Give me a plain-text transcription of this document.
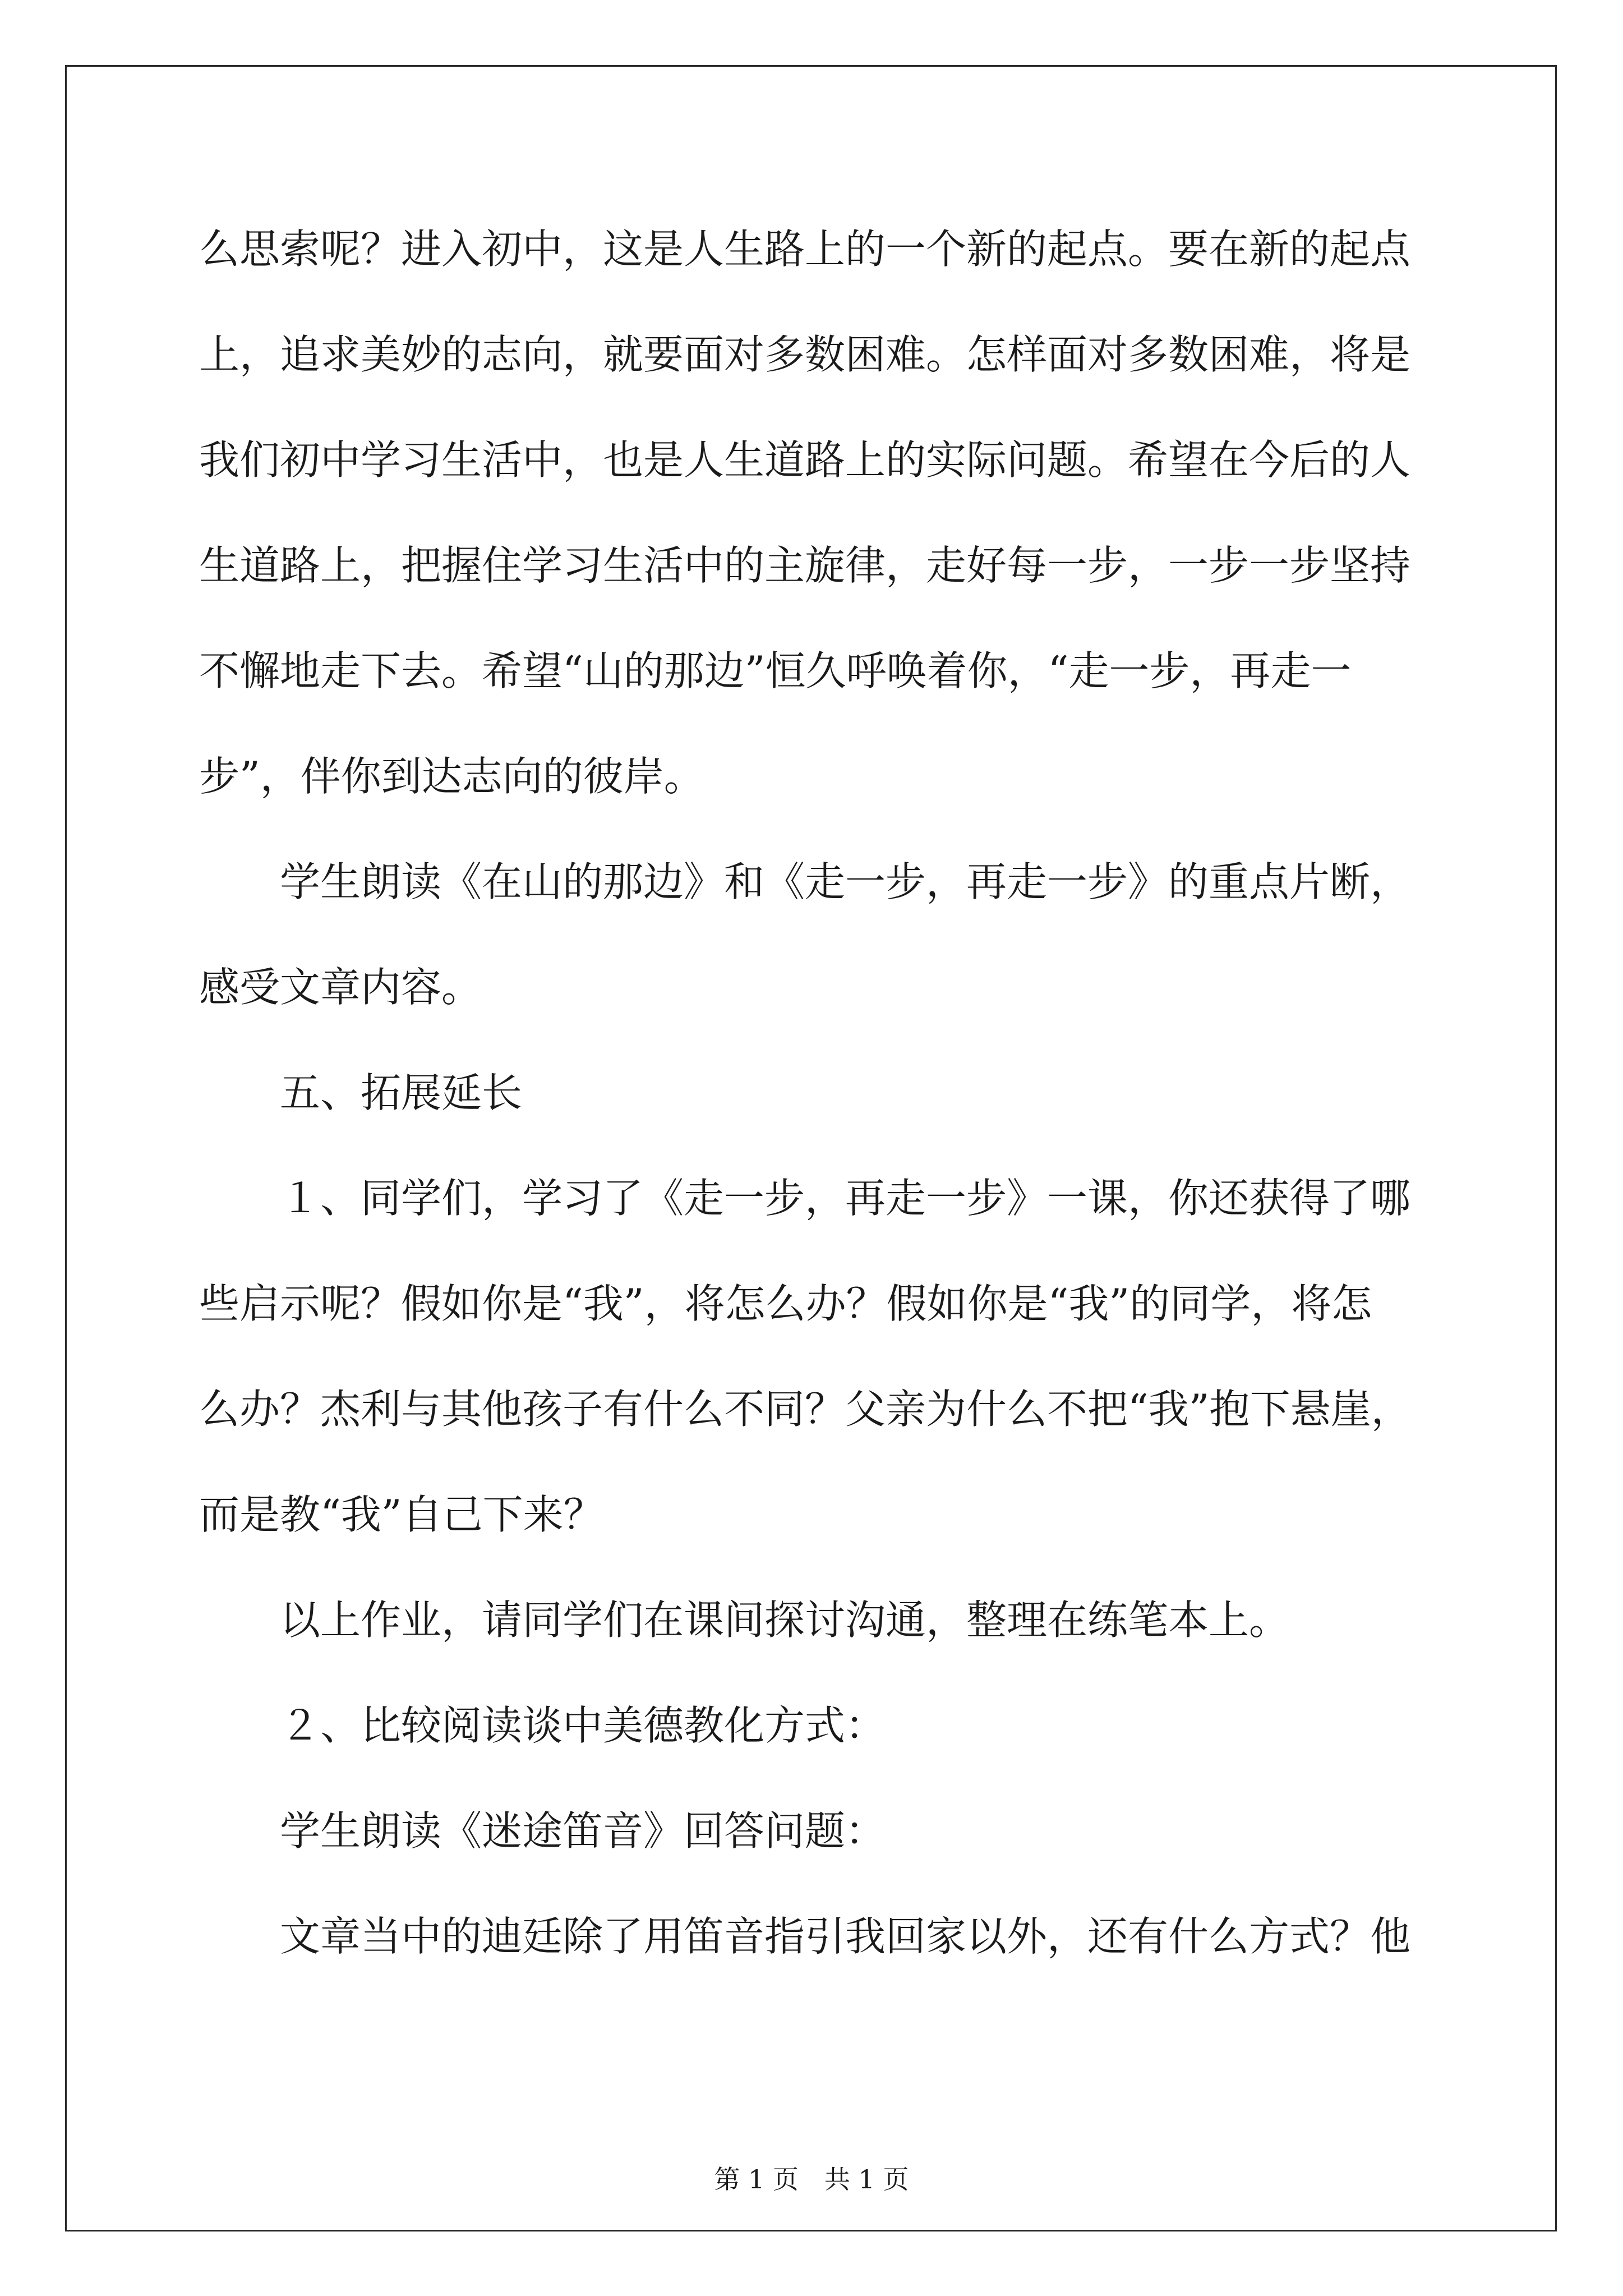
么思索呢？进入初中，这是人生路上的一个新的起点。要在新的起点

上，追求美妙的志向，就要面对多数困难。怎样面对多数困难，将是

我们初中学习生活中，也是人生道路上的实际问题。希望在今后的人

生道路上，把握住学习生活中的主旋律，走好每一步，一步一步坚持

不懈地走下去。希望“山的那边”恒久呼唤着你，“走一步，再走一

步”，伴你到达志向的彼岸。

　　学生朗读《在山的那边》和《走一步，再走一步》的重点片断，

感受文章内容。

　　五、拓展延长

　　１、同学们，学习了《走一步，再走一步》一课，你还获得了哪

些启示呢？假如你是“我”，将怎么办？假如你是“我”的同学，将怎

么办？杰利与其他孩子有什么不同？父亲为什么不把“我”抱下悬崖，

而是教“我”自己下来？

　　以上作业，请同学们在课间探讨沟通，整理在练笔本上。

　　２、比较阅读谈中美德教化方式：

　　学生朗读《迷途笛音》回答问题：

　　文章当中的迪廷除了用笛音指引我回家以外，还有什么方式？他

第 1 页　共 1 页
